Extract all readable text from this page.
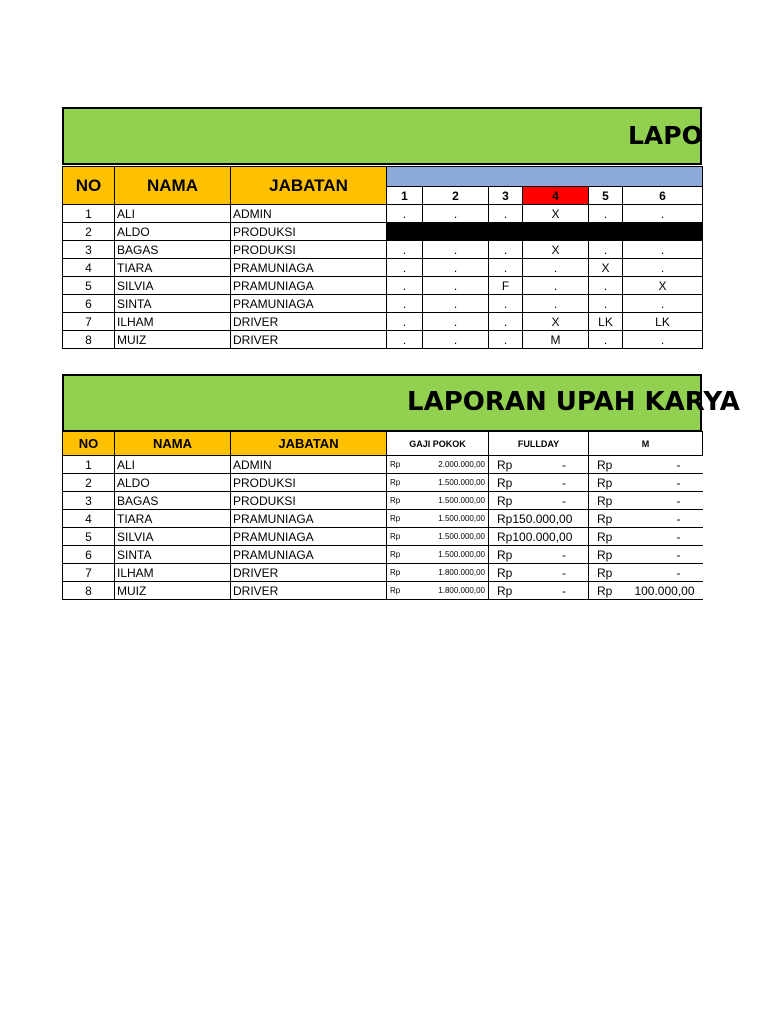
LAPO
NO	NAMA	JABATAN						
			1	2	3	4	5	6
1	ALI	ADMIN	.	.	.	X	.	.
2	ALDO	PRODUKSI						
3	BAGAS	PRODUKSI	.	.	.	X	.	.
4	TIARA	PRAMUNIAGA	.	.	.	.	X	.
5	SILVIA	PRAMUNIAGA	.	.	F	.	.	X
6	SINTA	PRAMUNIAGA	.	.	.	.	.	.
7	ILHAM	DRIVER	.	.	.	X	LK	LK
8	MUIZ	DRIVER	.	.	.	M	.	.
LAPORAN UPAH KARYA
NO	NAMA	JABATAN	GAJI POKOK	FULLDAY	M
1	ALI	ADMIN	Rp 2.000.000,00	Rp -	Rp -

2	ALDO	PRODUKSI	Rp 1.500.000,00	Rp -	Rp -

3	BAGAS	PRODUKSI	Rp 1.500.000,00	Rp -	Rp -

4	TIARA	PRAMUNIAGA	Rp 1.500.000,00	Rp 150.000,00	Rp -

5	SILVIA	PRAMUNIAGA	Rp 1.500.000,00	Rp 100.000,00	Rp -

6	SINTA	PRAMUNIAGA	Rp 1.500.000,00	Rp -	Rp -

7	ILHAM	DRIVER	Rp 1.800.000,00	Rp -	Rp -

8	MUIZ	DRIVER	Rp 1.800.000,00	Rp -	Rp 100.000,00
